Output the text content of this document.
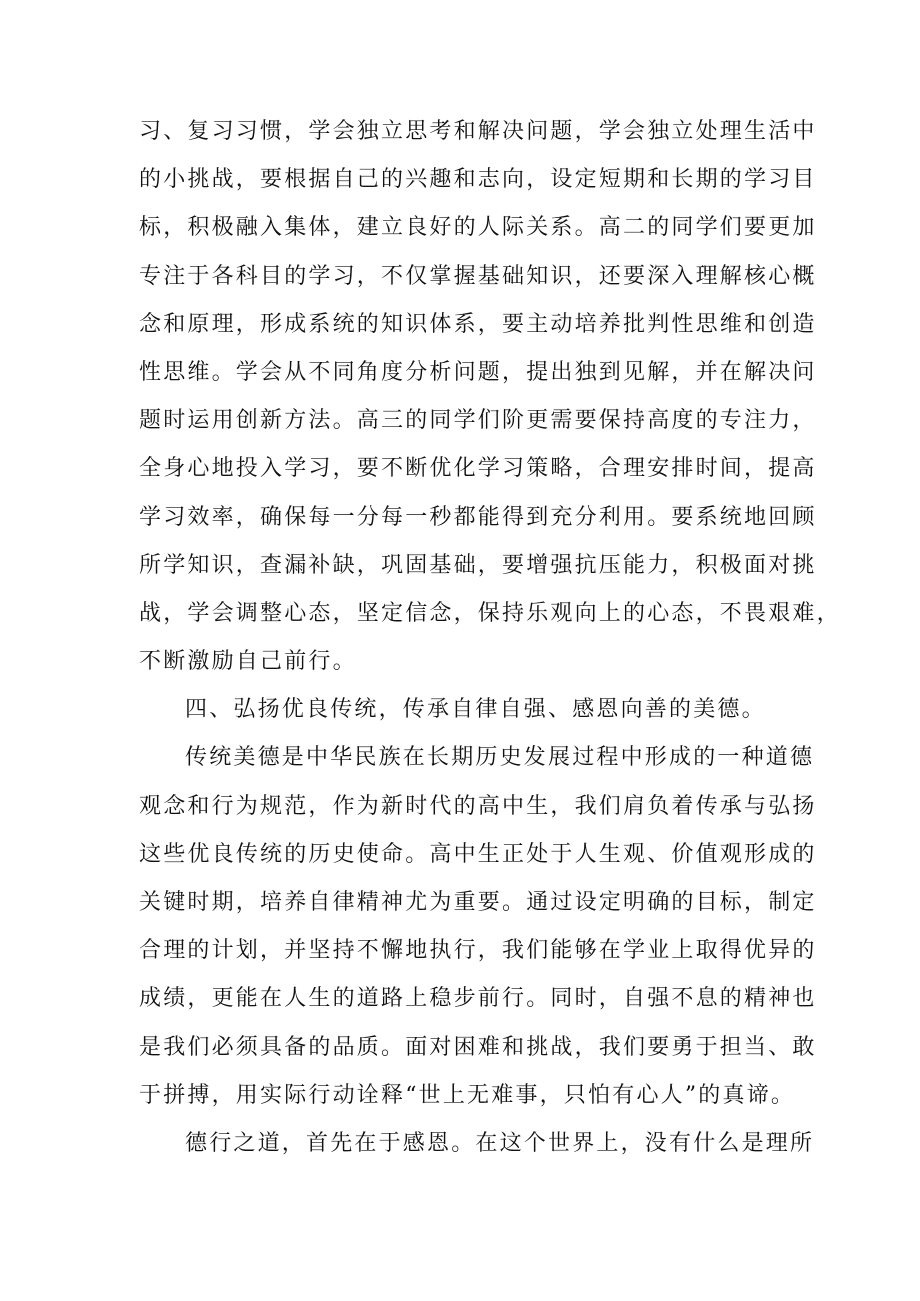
习、复习习惯，学会独立思考和解决问题，学会独立处理生活中
的小挑战，要根据自己的兴趣和志向，设定短期和长期的学习目
标，积极融入集体，建立良好的人际关系。高二的同学们要更加
专注于各科目的学习，不仅掌握基础知识，还要深入理解核心概
念和原理，形成系统的知识体系，要主动培养批判性思维和创造
性思维。学会从不同角度分析问题，提出独到见解，并在解决问
题时运用创新方法。高三的同学们阶更需要保持高度的专注力，
全身心地投入学习，要不断优化学习策略，合理安排时间，提高
学习效率，确保每一分每一秒都能得到充分利用。要系统地回顾
所学知识，查漏补缺，巩固基础，要增强抗压能力，积极面对挑
战，学会调整心态，坚定信念，保持乐观向上的心态，不畏艰难，
不断激励自己前行。
四、弘扬优良传统，传承自律自强、感恩向善的美德。
传统美德是中华民族在长期历史发展过程中形成的一种道德
观念和行为规范，作为新时代的高中生，我们肩负着传承与弘扬
这些优良传统的历史使命。高中生正处于人生观、价值观形成的
关键时期，培养自律精神尤为重要。通过设定明确的目标，制定
合理的计划，并坚持不懈地执行，我们能够在学业上取得优异的
成绩，更能在人生的道路上稳步前行。同时，自强不息的精神也
是我们必须具备的品质。面对困难和挑战，我们要勇于担当、敢
于拼搏，用实际行动诠释“世上无难事，只怕有心人”的真谛。
德行之道，首先在于感恩。在这个世界上，没有什么是理所
